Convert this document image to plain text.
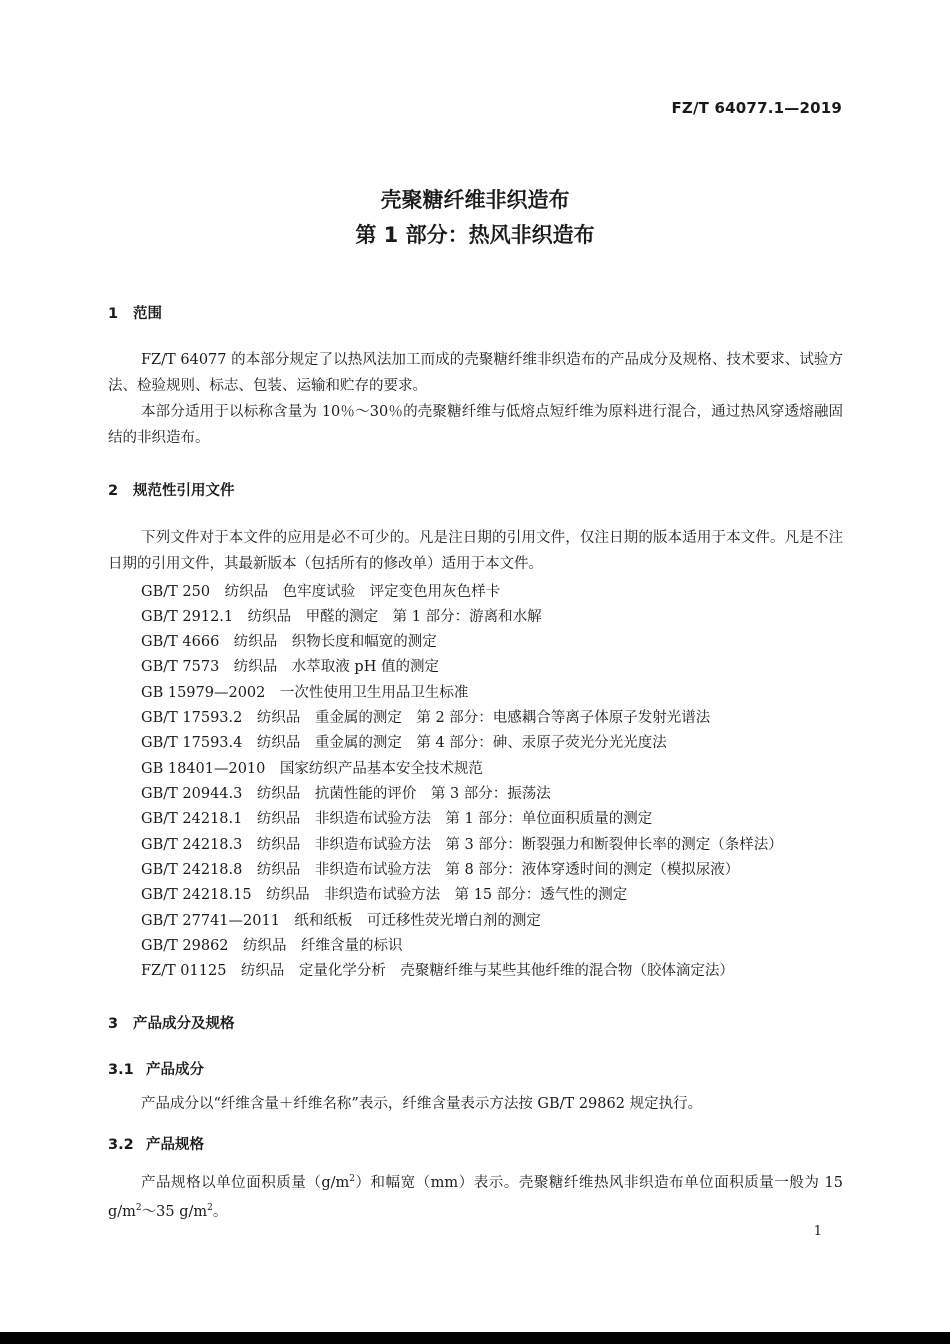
FZ/T 64077.1—2019
壳聚糖纤维非织造布
第 1 部分：热风非织造布
1 范围

FZ/T 64077 的本部分规定了以热风法加工而成的壳聚糖纤维非织造布的产品成分及规格、技术要求、试验方法、检验规则、标志、包装、运输和贮存的要求。

本部分适用于以标称含量为 10％～30％的壳聚糖纤维与低熔点短纤维为原料进行混合，通过热风穿透熔融固结的非织造布。

2 规范性引用文件

下列文件对于本文件的应用是必不可少的。凡是注日期的引用文件，仅注日期的版本适用于本文件。凡是不注日期的引用文件，其最新版本（包括所有的修改单）适用于本文件。

GB/T 250　纺织品　色牢度试验　评定变色用灰色样卡
GB/T 2912.1　纺织品　甲醛的测定　第 1 部分：游离和水解
GB/T 4666　纺织品　织物长度和幅宽的测定
GB/T 7573　纺织品　水萃取液 pH 值的测定
GB 15979—2002　一次性使用卫生用品卫生标准
GB/T 17593.2　纺织品　重金属的测定　第 2 部分：电感耦合等离子体原子发射光谱法
GB/T 17593.4　纺织品　重金属的测定　第 4 部分：砷、汞原子荧光分光光度法
GB 18401—2010　国家纺织产品基本安全技术规范
GB/T 20944.3　纺织品　抗菌性能的评价　第 3 部分：振荡法
GB/T 24218.1　纺织品　非织造布试验方法　第 1 部分：单位面积质量的测定
GB/T 24218.3　纺织品　非织造布试验方法　第 3 部分：断裂强力和断裂伸长率的测定（条样法）
GB/T 24218.8　纺织品　非织造布试验方法　第 8 部分：液体穿透时间的测定（模拟尿液）
GB/T 24218.15　纺织品　非织造布试验方法　第 15 部分：透气性的测定
GB/T 27741—2011　纸和纸板　可迁移性荧光增白剂的测定
GB/T 29862　纺织品　纤维含量的标识
FZ/T 01125　纺织品　定量化学分析　壳聚糖纤维与某些其他纤维的混合物（胶体滴定法）
3 产品成分及规格
3.1 产品成分

产品成分以“纤维含量＋纤维名称”表示，纤维含量表示方法按 GB/T 29862 规定执行。

3.2 产品规格

产品规格以单位面积质量$(g/m^2)$和幅宽（mm）表示。壳聚糖纤维热风非织造布单位面积质量一般为 15 $g/m^2\sim 35$ $g/m^2$。

1
